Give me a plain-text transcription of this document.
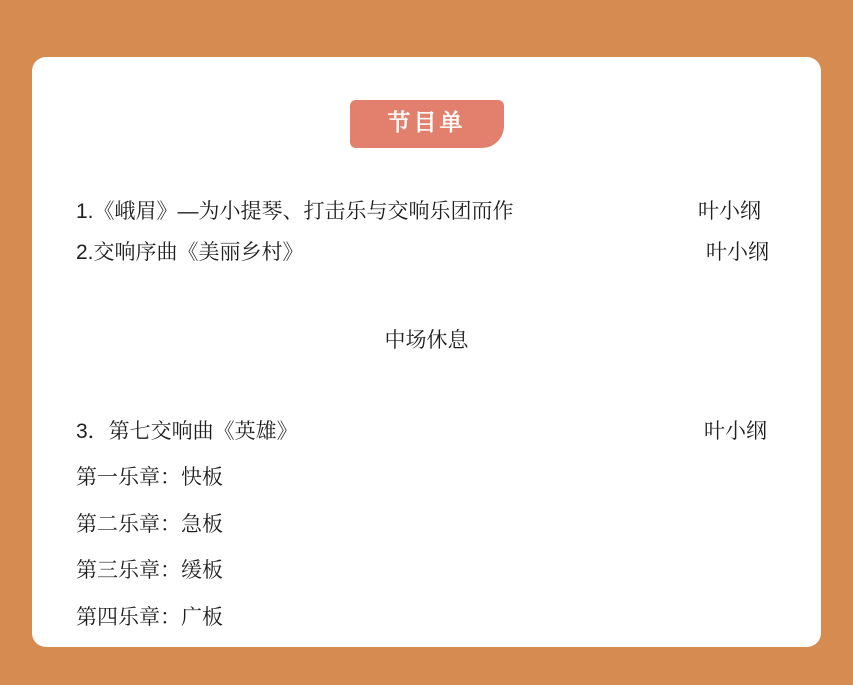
节目单
1.《峨眉》—为小提琴、打击乐与交响乐团而作	叶小纲
2.交响序曲《美丽乡村》	叶小纲
中场休息
3．第七交响曲《英雄》	叶小纲
第一乐章：快板
第二乐章：急板
第三乐章：缓板
第四乐章：广板
